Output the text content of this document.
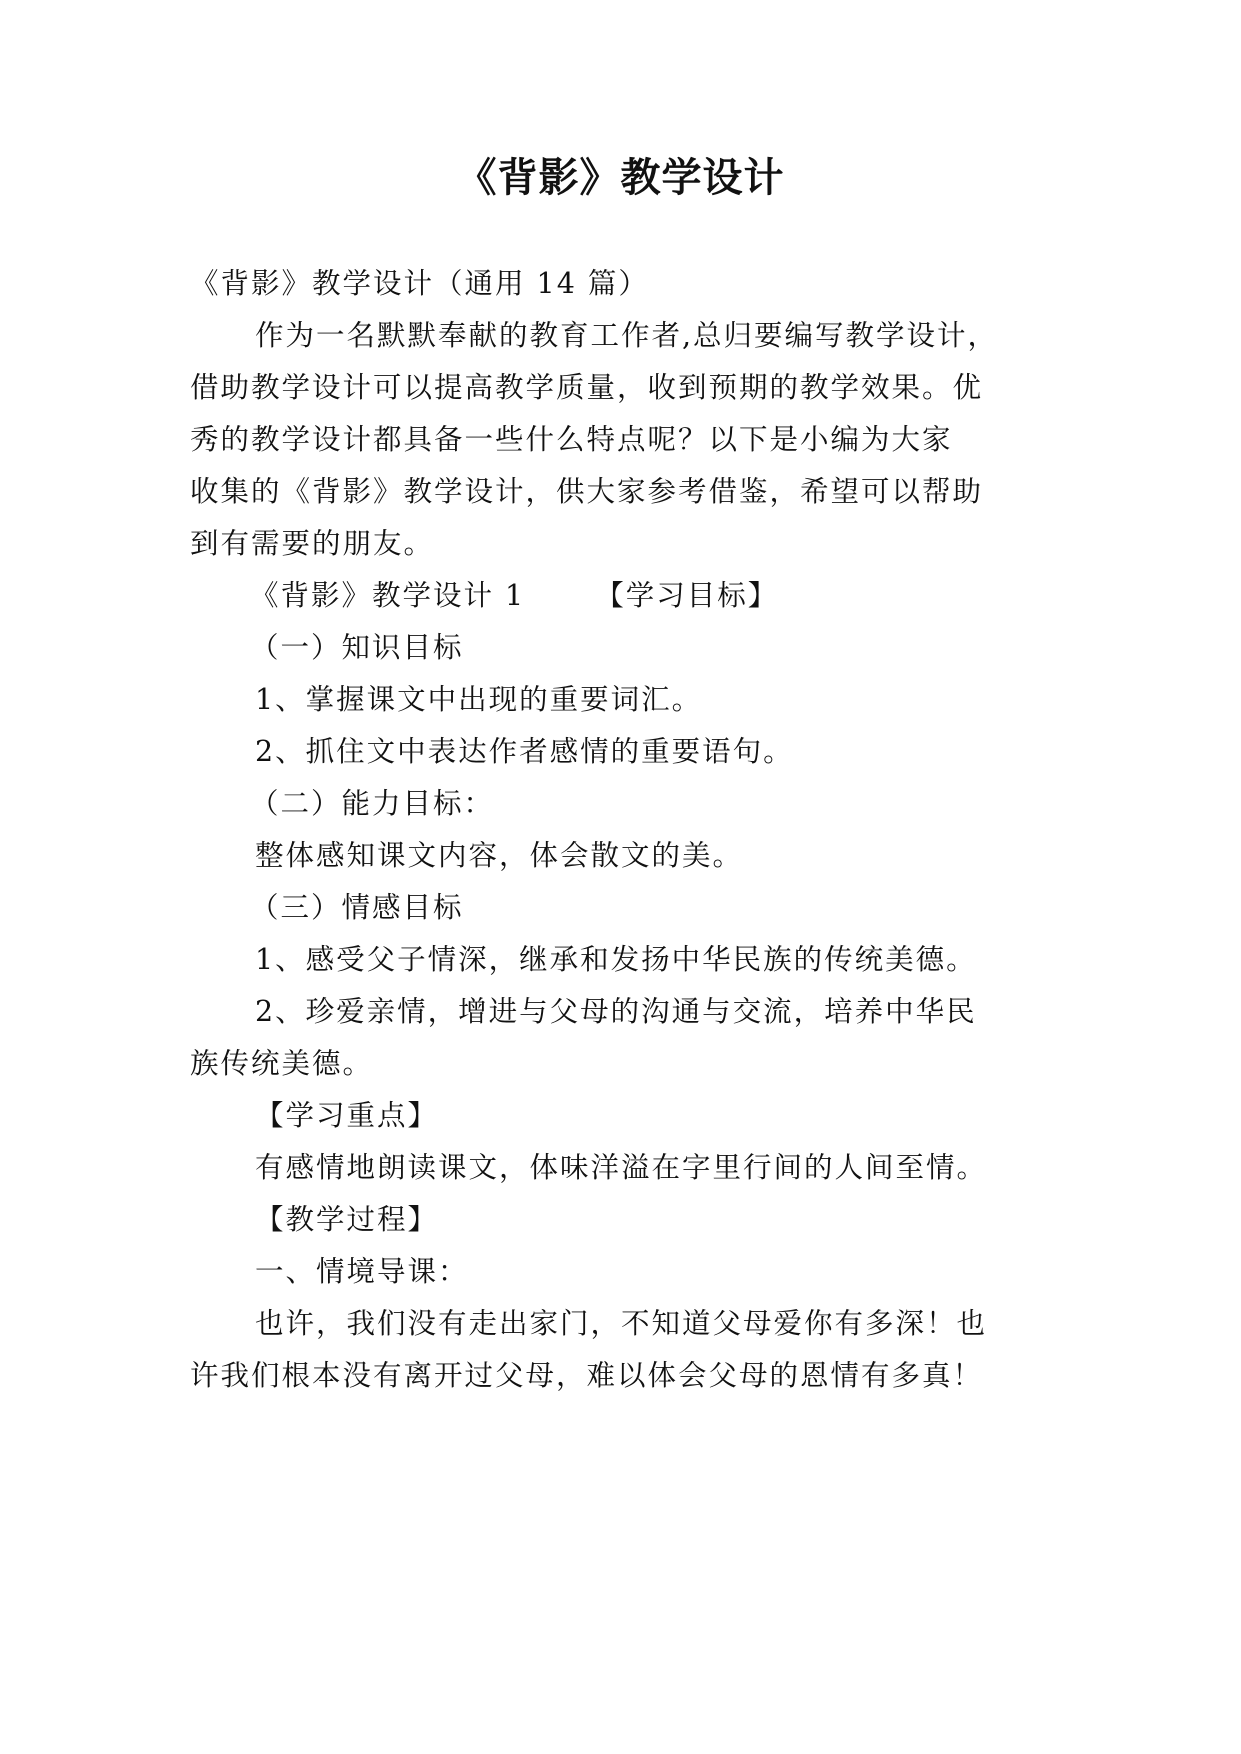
《背影》教学设计
《背影》教学设计（通用 14 篇）
作为一名默默奉献的教育工作者,总归要编写教学设计，
借助教学设计可以提高教学质量，收到预期的教学效果。优
秀的教学设计都具备一些什么特点呢？以下是小编为大家
收集的《背影》教学设计，供大家参考借鉴，希望可以帮助
到有需要的朋友。
《背影》教学设计 1 【学习目标】
（一）知识目标
1、掌握课文中出现的重要词汇。
2、抓住文中表达作者感情的重要语句。
（二）能力目标：
整体感知课文内容，体会散文的美。
（三）情感目标
1、感受父子情深，继承和发扬中华民族的传统美德。
2、珍爱亲情，增进与父母的沟通与交流，培养中华民
族传统美德。
【学习重点】
有感情地朗读课文，体味洋溢在字里行间的人间至情。
【教学过程】
一、情境导课：
也许，我们没有走出家门，不知道父母爱你有多深！也
许我们根本没有离开过父母，难以体会父母的恩情有多真！
